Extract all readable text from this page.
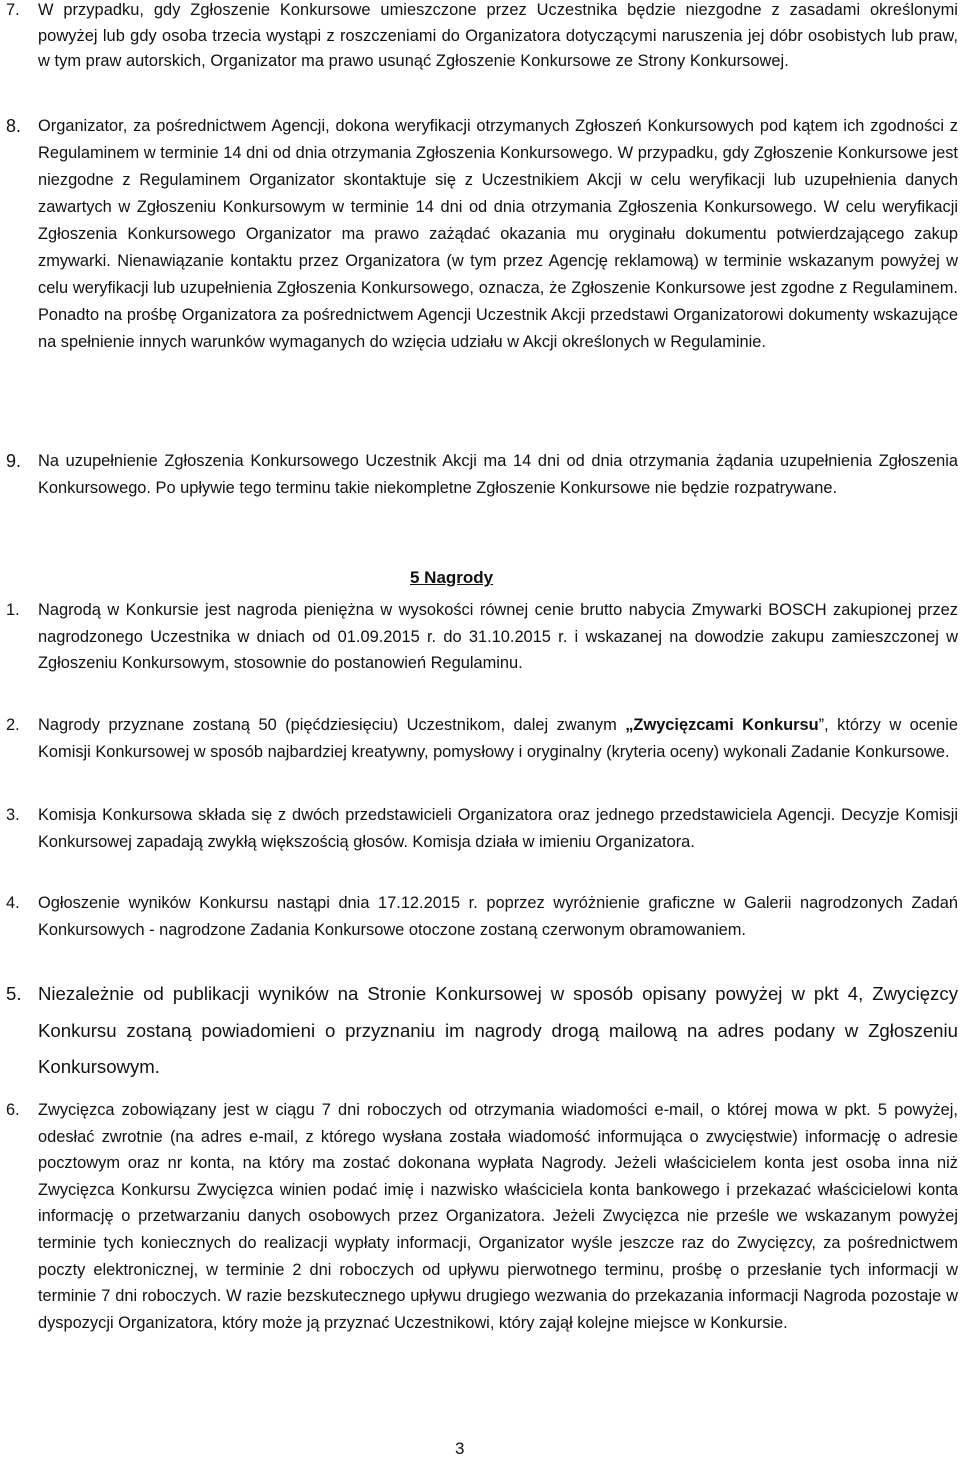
7. W przypadku, gdy Zgłoszenie Konkursowe umieszczone przez Uczestnika będzie niezgodne z zasadami określonymi powyżej lub gdy osoba trzecia wystąpi z roszczeniami do Organizatora dotyczącymi naruszenia jej dóbr osobistych lub praw, w tym praw autorskich, Organizator ma prawo usunąć Zgłoszenie Konkursowe ze Strony Konkursowej.
8. Organizator, za pośrednictwem Agencji, dokona weryfikacji otrzymanych Zgłoszeń Konkursowych pod kątem ich zgodności z Regulaminem w terminie 14 dni od dnia otrzymania Zgłoszenia Konkursowego. W przypadku, gdy Zgłoszenie Konkursowe jest niezgodne z Regulaminem Organizator skontaktuje się z Uczestnikiem Akcji w celu weryfikacji lub uzupełnienia danych zawartych w Zgłoszeniu Konkursowym w terminie 14 dni od dnia otrzymania Zgłoszenia Konkursowego. W celu weryfikacji Zgłoszenia Konkursowego Organizator ma prawo zażądać okazania mu oryginału dokumentu potwierdzającego zakup zmywarki. Nienawiązanie kontaktu przez Organizatora (w tym przez Agencję reklamową) w terminie wskazanym powyżej w celu weryfikacji lub uzupełnienia Zgłoszenia Konkursowego, oznacza, że Zgłoszenie Konkursowe jest zgodne z Regulaminem. Ponadto na prośbę Organizatora za pośrednictwem Agencji Uczestnik Akcji przedstawi Organizatorowi dokumenty wskazujące na spełnienie innych warunków wymaganych do wzięcia udziału w Akcji określonych w Regulaminie.
9. Na uzupełnienie Zgłoszenia Konkursowego Uczestnik Akcji ma 14 dni od dnia otrzymania żądania uzupełnienia Zgłoszenia Konkursowego. Po upływie tego terminu takie niekompletne Zgłoszenie Konkursowe nie będzie rozpatrywane.
5 Nagrody
1. Nagrodą w Konkursie jest nagroda pieniężna w wysokości równej cenie brutto nabycia Zmywarki BOSCH zakupionej przez nagrodzonego Uczestnika w dniach od 01.09.2015 r. do 31.10.2015 r. i wskazanej na dowodzie zakupu zamieszczonej w Zgłoszeniu Konkursowym, stosownie do postanowień Regulaminu.
2. Nagrody przyznane zostaną 50 (pięćdziesięciu) Uczestnikom, dalej zwanym „Zwycięzcami Konkursu”, którzy w ocenie Komisji Konkursowej w sposób najbardziej kreatywny, pomysłowy i oryginalny (kryteria oceny) wykonali Zadanie Konkursowe.
3. Komisja Konkursowa składa się z dwóch przedstawicieli Organizatora oraz jednego przedstawiciela Agencji. Decyzje Komisji Konkursowej zapadają zwykłą większością głosów. Komisja działa w imieniu Organizatora.
4. Ogłoszenie wyników Konkursu nastąpi dnia 17.12.2015 r. poprzez wyróżnienie graficzne w Galerii nagrodzonych Zadań Konkursowych - nagrodzone Zadania Konkursowe otoczone zostaną czerwonym obramowaniem.
5. Niezależnie od publikacji wyników na Stronie Konkursowej w sposób opisany powyżej w pkt 4, Zwycięzcy Konkursu zostaną powiadomieni o przyznaniu im nagrody drogą mailową na adres podany w Zgłoszeniu Konkursowym.
6. Zwycięzca zobowiązany jest w ciągu 7 dni roboczych od otrzymania wiadomości e-mail, o której mowa w pkt. 5 powyżej, odesłać zwrotnie (na adres e-mail, z którego wysłana została wiadomość informująca o zwycięstwie) informację o adresie pocztowym oraz nr konta, na który ma zostać dokonana wypłata Nagrody. Jeżeli właścicielem konta jest osoba inna niż Zwycięzca Konkursu Zwycięzca winien podać imię i nazwisko właściciela konta bankowego i przekazać właścicielowi konta informację o przetwarzaniu danych osobowych przez Organizatora. Jeżeli Zwycięzca nie prześle we wskazanym powyżej terminie tych koniecznych do realizacji wypłaty informacji, Organizator wyśle jeszcze raz do Zwycięzcy, za pośrednictwem poczty elektronicznej, w terminie 2 dni roboczych od upływu pierwotnego terminu, prośbę o przesłanie tych informacji w terminie 7 dni roboczych. W razie bezskutecznego upływu drugiego wezwania do przekazania informacji Nagroda pozostaje w dyspozycji Organizatora, który może ją przyznać Uczestnikowi, który zajął kolejne miejsce w Konkursie.
3
